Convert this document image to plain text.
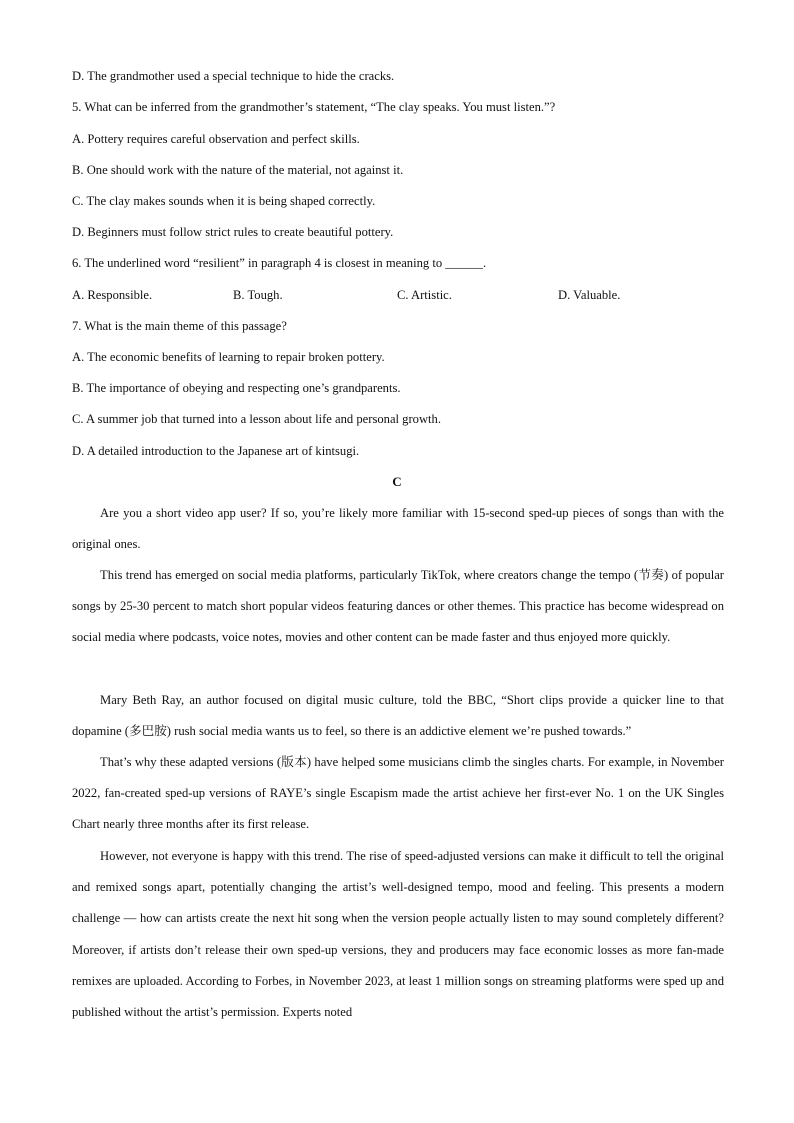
D. The grandmother used a special technique to hide the cracks.
5. What can be inferred from the grandmother’s statement, “The clay speaks. You must listen.”?
A. Pottery requires careful observation and perfect skills.
B. One should work with the nature of the material, not against it.
C. The clay makes sounds when it is being shaped correctly.
D. Beginners must follow strict rules to create beautiful pottery.
6. The underlined word “resilient” in paragraph 4 is closest in meaning to ______.
A. Responsible.	B. Tough.	C. Artistic.	D. Valuable.
7. What is the main theme of this passage?
A. The economic benefits of learning to repair broken pottery.
B. The importance of obeying and respecting one’s grandparents.
C. A summer job that turned into a lesson about life and personal growth.
D. A detailed introduction to the Japanese art of kintsugi.
C

Are you a short video app user? If so, you’re likely more familiar with 15-second sped-up pieces of songs than with the original ones.

This trend has emerged on social media platforms, particularly TikTok, where creators change the tempo (节奏) of popular songs by 25-30 percent to match short popular videos featuring dances or other themes. This practice has become widespread on social media where podcasts, voice notes, movies and other content can be made faster and thus enjoyed more quickly.

Mary Beth Ray, an author focused on digital music culture, told the BBC, “Short clips provide a quicker line to that dopamine (多巴胺) rush social media wants us to feel, so there is an addictive element we’re pushed towards.”

That’s why these adapted versions (版本) have helped some musicians climb the singles charts. For example, in November 2022, fan-created sped-up versions of RAYE’s single Escapism made the artist achieve her first-ever No. 1 on the UK Singles Chart nearly three months after its first release.

However, not everyone is happy with this trend. The rise of speed-adjusted versions can make it difficult to tell the original and remixed songs apart, potentially changing the artist’s well-designed tempo, mood and feeling. This presents a modern challenge — how can artists create the next hit song when the version people actually listen to may sound completely different? Moreover, if artists don’t release their own sped-up versions, they and producers may face economic losses as more fan-made remixes are uploaded. According to Forbes, in November 2023, at least 1 million songs on streaming platforms were sped up and published without the artist’s permission. Experts noted
